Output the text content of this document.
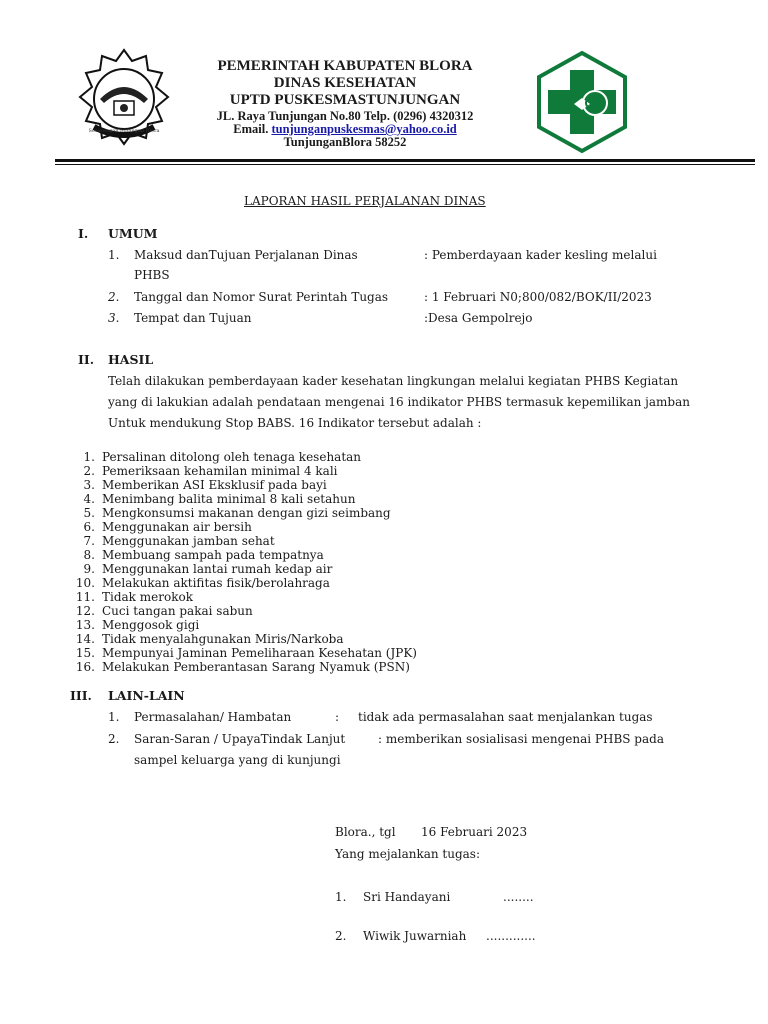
Sesarengan Mbangun Blora
PEMERINTAH KABUPATEN BLORA
DINAS KESEHATAN
UPTD PUSKESMASTUNJUNGAN
JL. Raya Tunjungan No.80 Telp. (0296) 4320312
Email. tunjunganpuskesmas@yahoo.co.id
TunjunganBlora 58252
LAPORAN HASIL PERJALANAN DINAS
I. UMUM
1. Maksud danTujuan Perjalanan Dinas	: Pemberdayaan kader kesling melalui
PHBS
2. Tanggal dan Nomor Surat Perintah Tugas	: 1 Februari N0;800/082/BOK/II/2023
3. Tempat dan Tujuan	:Desa Gempolrejo
II. HASIL
Telah dilakukan pemberdayaan kader kesehatan lingkungan melalui kegiatan PHBS Kegiatan
yang di lakukian adalah pendataan mengenai 16 indikator PHBS termasuk kepemilikan jamban
Untuk mendukung Stop BABS. 16 Indikator tersebut adalah :
1. Persalinan ditolong oleh tenaga kesehatan
2. Pemeriksaan kehamilan minimal 4 kali
3. Memberikan ASI Eksklusif pada bayi
4. Menimbang balita minimal 8 kali setahun
5. Mengkonsumsi makanan dengan gizi seimbang
6. Menggunakan air bersih
7. Menggunakan jamban sehat
8. Membuang sampah pada tempatnya
9. Menggunakan lantai rumah kedap air
10. Melakukan aktifitas fisik/berolahraga
11. Tidak merokok
12. Cuci tangan pakai sabun
13. Menggosok gigi
14. Tidak menyalahgunakan Miris/Narkoba
15. Mempunyai Jaminan Pemeliharaan Kesehatan (JPK)
16. Melakukan Pemberantasan Sarang Nyamuk (PSN)
III. LAIN-LAIN
1. Permasalahan/ Hambatan	: tidak ada permasalahan saat menjalankan tugas
2. Saran-Saran / UpayaTindak Lanjut	: memberikan sosialisasi mengenai PHBS pada
sampel keluarga yang di kunjungi
Blora., tgl 16 Februari 2023
Yang mejalankan tugas:
1. Sri Handayani	........
2. Wiwik Juwarniah .............
